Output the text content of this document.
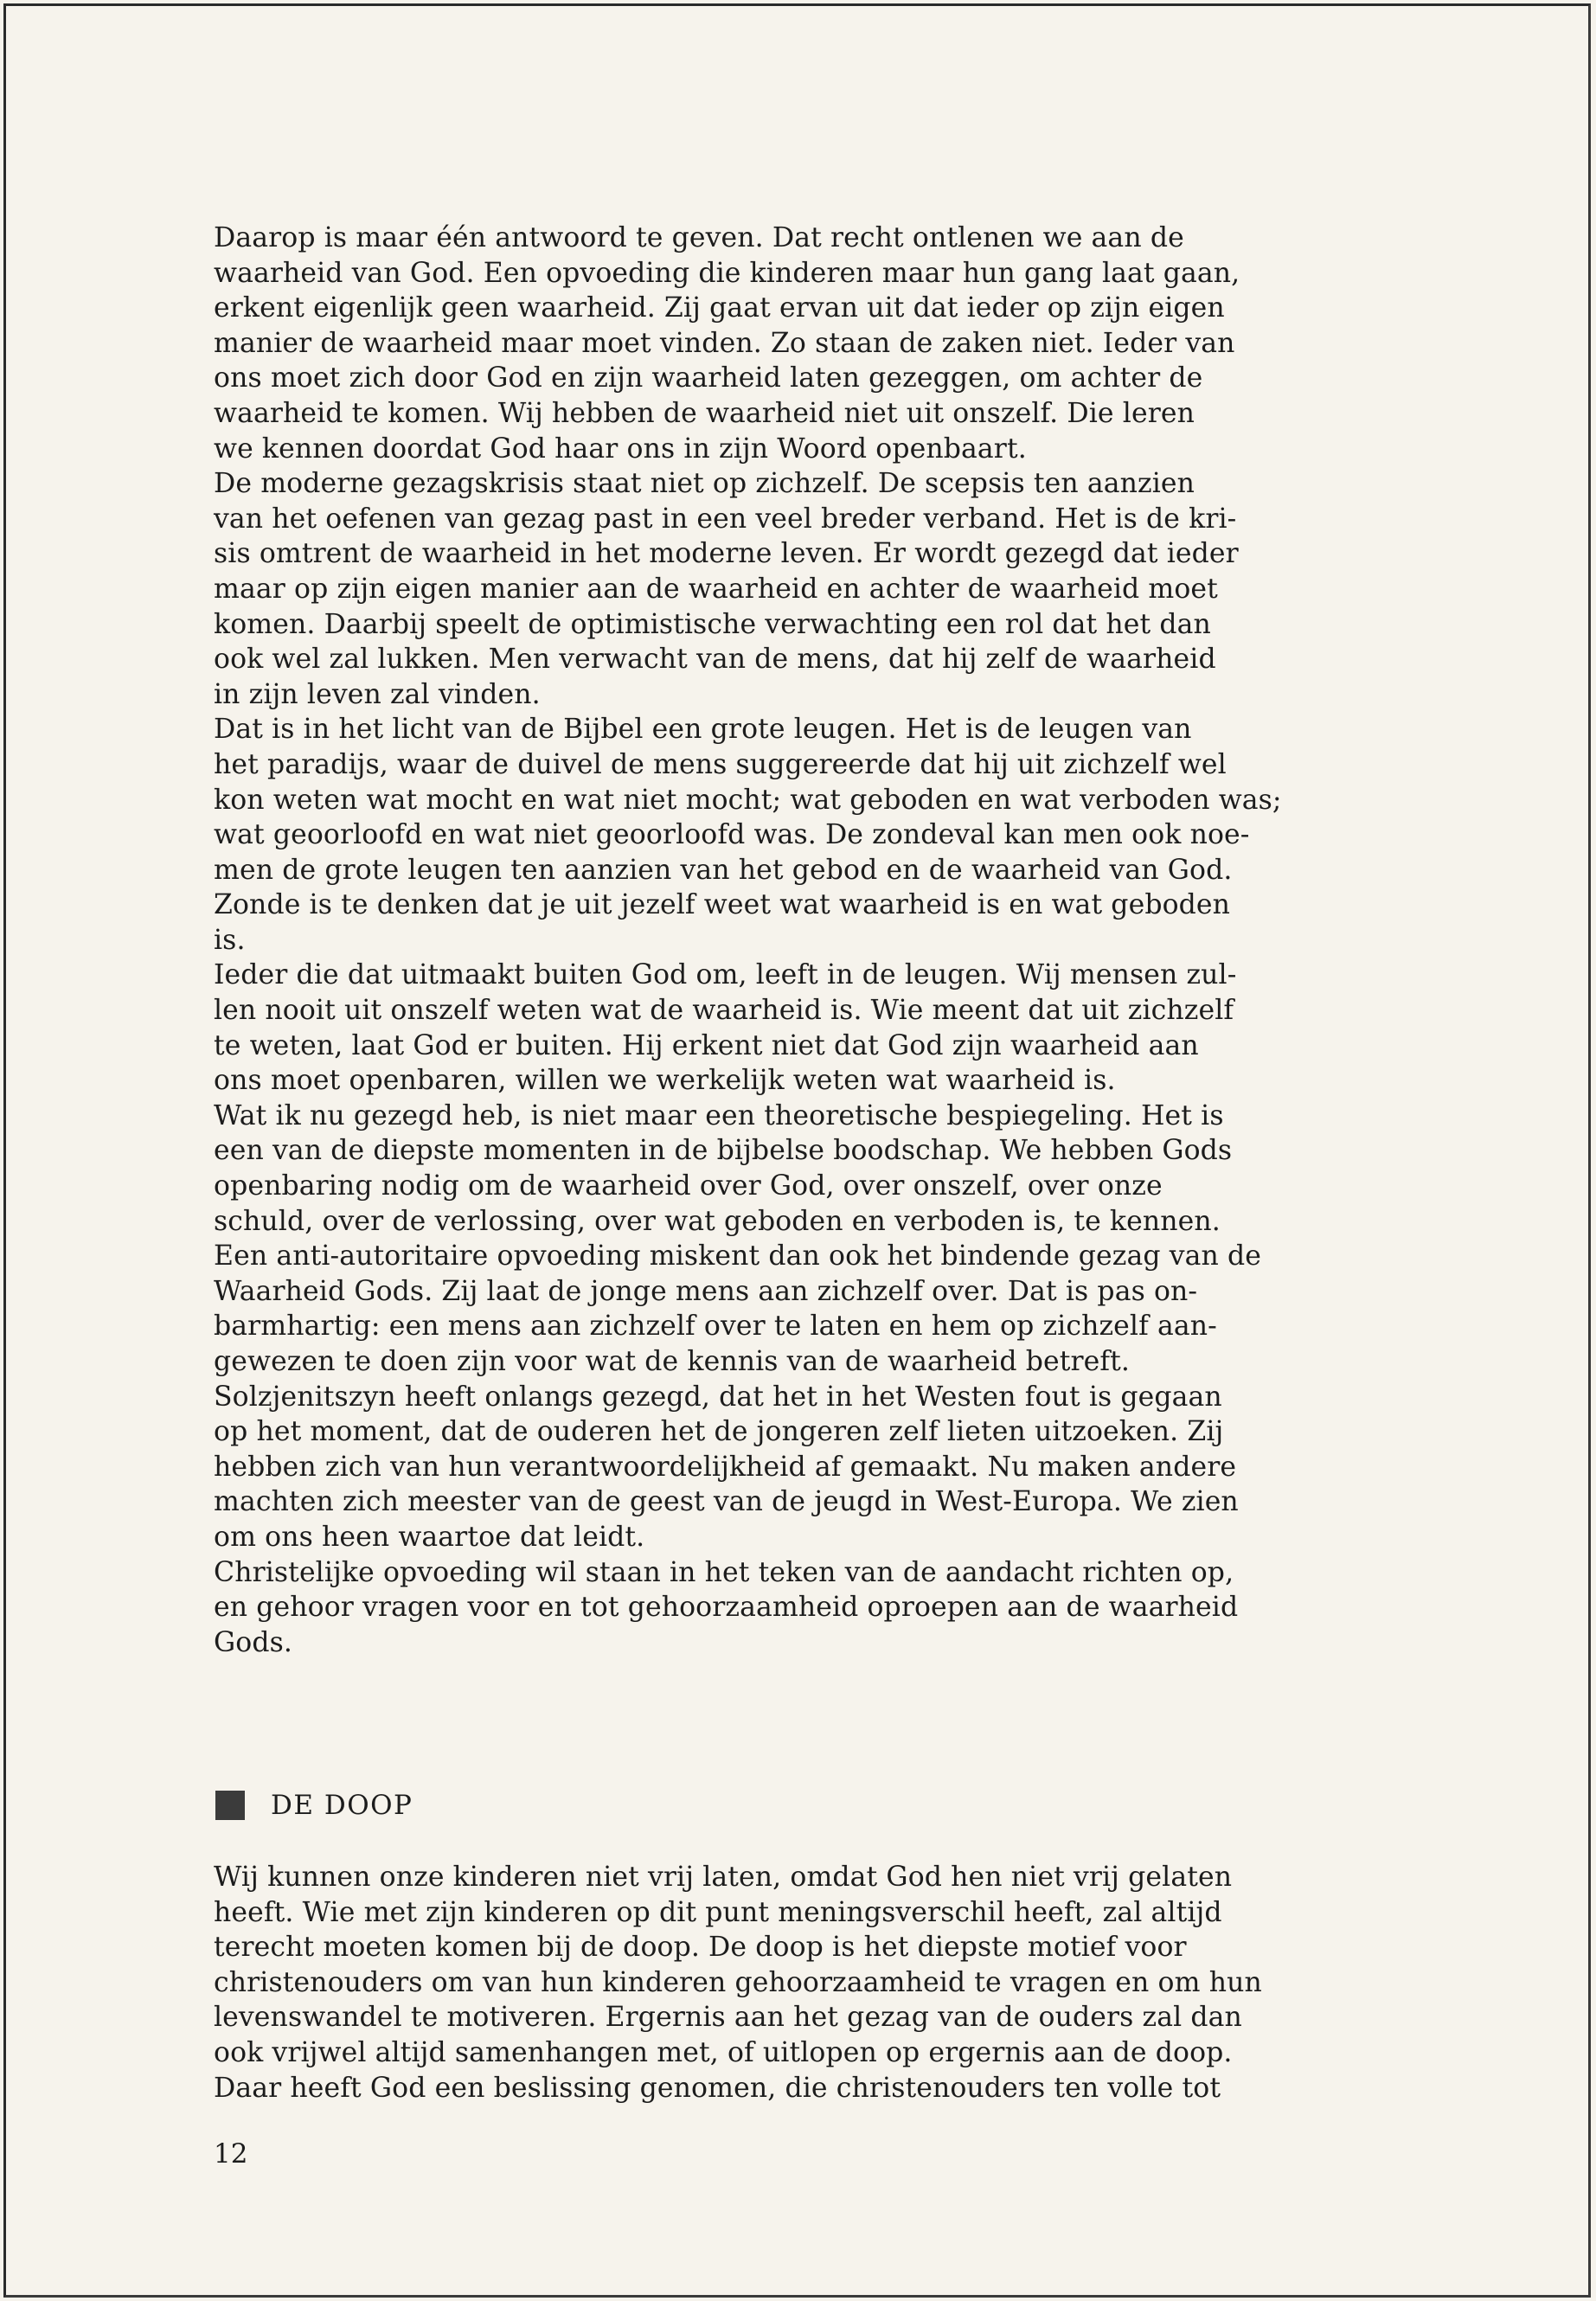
Daarop is maar één antwoord te geven. Dat recht ontlenen we aan de
waarheid van God. Een opvoeding die kinderen maar hun gang laat gaan,
erkent eigenlijk geen waarheid. Zij gaat ervan uit dat ieder op zijn eigen
manier de waarheid maar moet vinden. Zo staan de zaken niet. Ieder van
ons moet zich door God en zijn waarheid laten gezeggen, om achter de
waarheid te komen. Wij hebben de waarheid niet uit onszelf. Die leren
we kennen doordat God haar ons in zijn Woord openbaart.
De moderne gezagskrisis staat niet op zichzelf. De scepsis ten aanzien
van het oefenen van gezag past in een veel breder verband. Het is de kri-
sis omtrent de waarheid in het moderne leven. Er wordt gezegd dat ieder
maar op zijn eigen manier aan de waarheid en achter de waarheid moet
komen. Daarbij speelt de optimistische verwachting een rol dat het dan
ook wel zal lukken. Men verwacht van de mens, dat hij zelf de waarheid
in zijn leven zal vinden.
Dat is in het licht van de Bijbel een grote leugen. Het is de leugen van
het paradijs, waar de duivel de mens suggereerde dat hij uit zichzelf wel
kon weten wat mocht en wat niet mocht; wat geboden en wat verboden was;
wat geoorloofd en wat niet geoorloofd was. De zondeval kan men ook noe-
men de grote leugen ten aanzien van het gebod en de waarheid van God.
Zonde is te denken dat je uit jezelf weet wat waarheid is en wat geboden
is.
Ieder die dat uitmaakt buiten God om, leeft in de leugen. Wij mensen zul-
len nooit uit onszelf weten wat de waarheid is. Wie meent dat uit zichzelf
te weten, laat God er buiten. Hij erkent niet dat God zijn waarheid aan
ons moet openbaren, willen we werkelijk weten wat waarheid is.
Wat ik nu gezegd heb, is niet maar een theoretische bespiegeling. Het is
een van de diepste momenten in de bijbelse boodschap. We hebben Gods
openbaring nodig om de waarheid over God, over onszelf, over onze
schuld, over de verlossing, over wat geboden en verboden is, te kennen.
Een anti-autoritaire opvoeding miskent dan ook het bindende gezag van de
Waarheid Gods. Zij laat de jonge mens aan zichzelf over. Dat is pas on-
barmhartig: een mens aan zichzelf over te laten en hem op zichzelf aan-
gewezen te doen zijn voor wat de kennis van de waarheid betreft.
Solzjenitszyn heeft onlangs gezegd, dat het in het Westen fout is gegaan
op het moment, dat de ouderen het de jongeren zelf lieten uitzoeken. Zij
hebben zich van hun verantwoordelijkheid af gemaakt. Nu maken andere
machten zich meester van de geest van de jeugd in West-Europa. We zien
om ons heen waartoe dat leidt.
Christelijke opvoeding wil staan in het teken van de aandacht richten op,
en gehoor vragen voor en tot gehoorzaamheid oproepen aan de waarheid
Gods.
DE DOOP
Wij kunnen onze kinderen niet vrij laten, omdat God hen niet vrij gelaten
heeft. Wie met zijn kinderen op dit punt meningsverschil heeft, zal altijd
terecht moeten komen bij de doop. De doop is het diepste motief voor
christenouders om van hun kinderen gehoorzaamheid te vragen en om hun
levenswandel te motiveren. Ergernis aan het gezag van de ouders zal dan
ook vrijwel altijd samenhangen met, of uitlopen op ergernis aan de doop.
Daar heeft God een beslissing genomen, die christenouders ten volle tot
12
